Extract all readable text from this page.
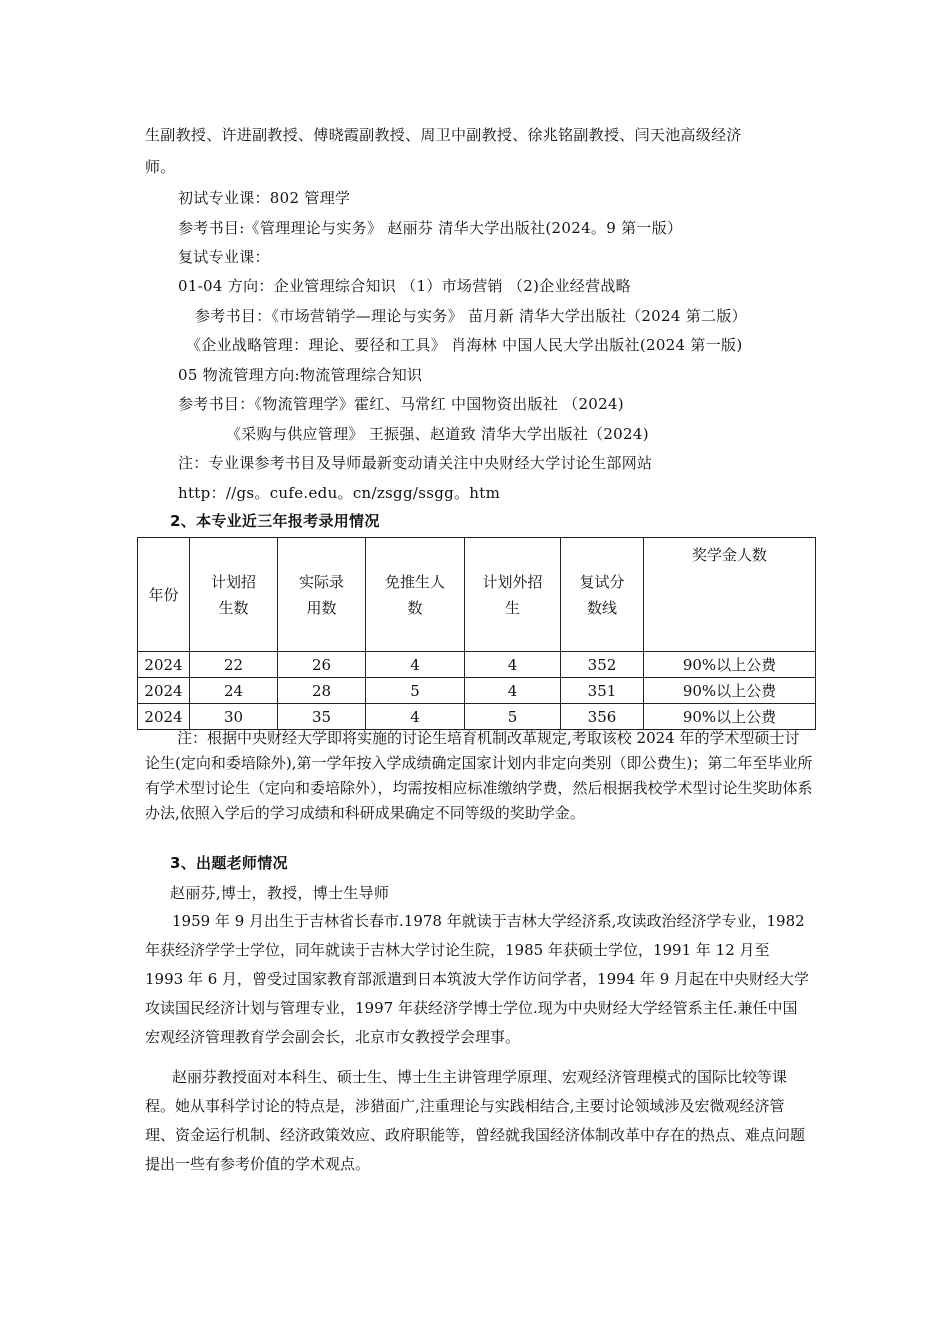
生副教授、许进副教授、傅晓霞副教授、周卫中副教授、徐兆铭副教授、闫天池高级经济
师。
初试专业课：802 管理学
参考书目:《管理理论与实务》 赵丽芬 清华大学出版社(2024。9 第一版）
复试专业课：
01-04 方向：企业管理综合知识 （1）市场营销 （2)企业经营战略
参考书目：《市场营销学—理论与实务》 苗月新 清华大学出版社（2024 第二版）
《企业战略管理：理论、要径和工具》 肖海林 中国人民大学出版社(2024 第一版)
05 物流管理方向:物流管理综合知识
参考书目：《物流管理学》霍红、马常红 中国物资出版社 （2024)
《采购与供应管理》 王振强、赵道致 清华大学出版社（2024)
注：专业课参考书目及导师最新变动请关注中央财经大学讨论生部网站
http：//gs。cufe.edu。cn/zsgg/ssgg。htm
2、本专业近三年报考录用情况
年份	计划招生数	实际录用数	免推生人数	计划外招生	复试分数线	奖学金人数
2024	22	26	4	4	352	90%以上公费
2024	24	28	5	4	351	90%以上公费
2024	30	35	4	5	356	90%以上公费
注：根据中央财经大学即将实施的讨论生培育机制改革规定,考取该校 2024 年的学术型硕士讨论生(定向和委培除外),第一学年按入学成绩确定国家计划内非定向类别（即公费生)；第二年至毕业所有学术型讨论生（定向和委培除外），均需按相应标准缴纳学费，然后根据我校学术型讨论生奖助体系办法,依照入学后的学习成绩和科研成果确定不同等级的奖助学金。
3、出题老师情况
赵丽芬,博士，教授，博士生导师
1959 年 9 月出生于吉林省长春市.1978 年就读于吉林大学经济系,攻读政治经济学专业，1982 年获经济学学士学位，同年就读于吉林大学讨论生院，1985 年获硕士学位，1991 年 12 月至 1993 年 6 月，曾受过国家教育部派遣到日本筑波大学作访问学者，1994 年 9 月起在中央财经大学攻读国民经济计划与管理专业，1997 年获经济学博士学位.现为中央财经大学经管系主任.兼任中国宏观经济管理教育学会副会长，北京市女教授学会理事。
赵丽芬教授面对本科生、硕士生、博士生主讲管理学原理、宏观经济管理模式的国际比较等课程。她从事科学讨论的特点是，涉猎面广,注重理论与实践相结合,主要讨论领域涉及宏微观经济管理、资金运行机制、经济政策效应、政府职能等，曾经就我国经济体制改革中存在的热点、难点问题提出一些有参考价值的学术观点。
